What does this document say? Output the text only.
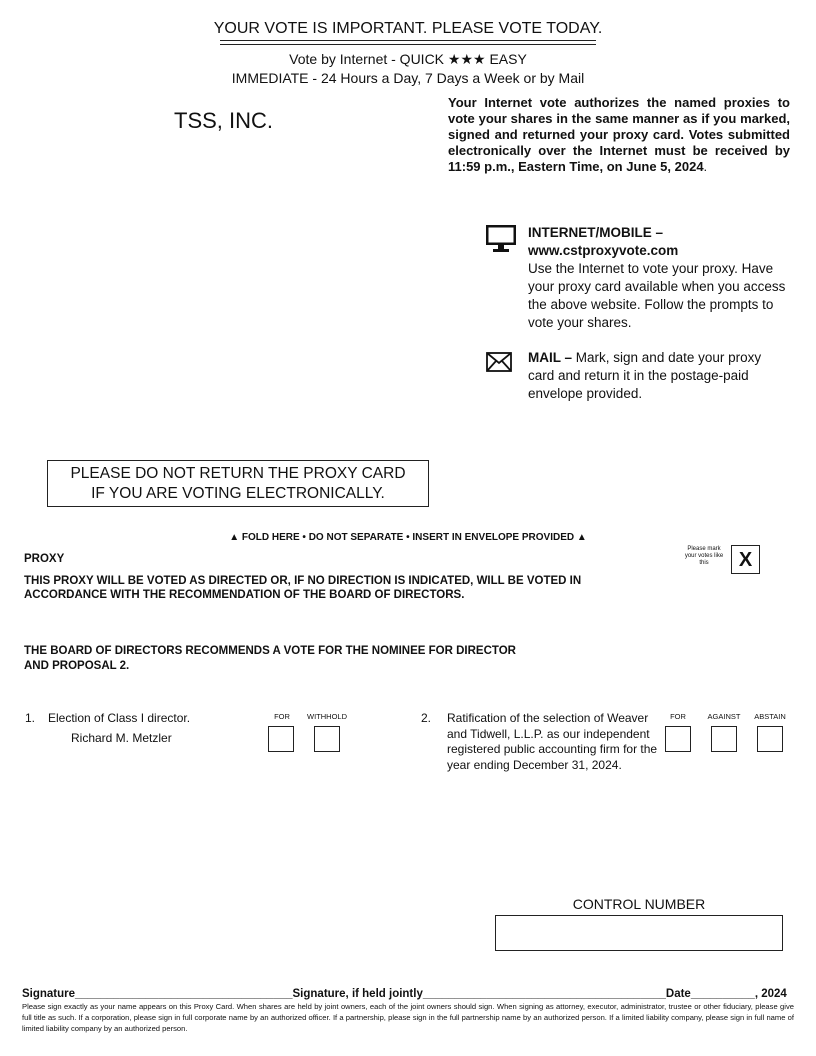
YOUR VOTE IS IMPORTANT. PLEASE VOTE TODAY.
Vote by Internet - QUICK ★★★ EASY
IMMEDIATE - 24 Hours a Day, 7 Days a Week or by Mail
TSS, INC.
Your Internet vote authorizes the named proxies to vote your shares in the same manner as if you marked, signed and returned your proxy card. Votes submitted electronically over the Internet must be received by 11:59 p.m., Eastern Time, on June 5, 2024.
INTERNET/MOBILE –
www.cstproxyvote.com
Use the Internet to vote your proxy. Have your proxy card available when you access the above website. Follow the prompts to vote your shares.
MAIL – Mark, sign and date your proxy card and return it in the postage-paid envelope provided.
PLEASE DO NOT RETURN THE PROXY CARD
IF YOU ARE VOTING ELECTRONICALLY.
▲ FOLD HERE • DO NOT SEPARATE • INSERT IN ENVELOPE PROVIDED ▲
PROXY
THIS PROXY WILL BE VOTED AS DIRECTED OR, IF NO DIRECTION IS INDICATED, WILL BE VOTED IN ACCORDANCE WITH THE RECOMMENDATION OF THE BOARD OF DIRECTORS.
Please mark your votes like this	X
THE BOARD OF DIRECTORS RECOMMENDS A VOTE FOR THE NOMINEE FOR DIRECTOR
AND PROPOSAL 2.
1. Election of Class I director.
Richard M. Metzler
FOR	WITHHOLD	2. Ratification of the selection of Weaver and Tidwell, L.L.P. as our independent registered public accounting firm for the year ending December 31, 2024.
FOR	AGAINST	ABSTAIN
CONTROL NUMBER
Signature__________________________________Signature, if held jointly______________________________________Date__________, 2024
Please sign exactly as your name appears on this Proxy Card. When shares are held by joint owners, each of the joint owners should sign. When signing as attorney, executor, administrator, trustee or other fiduciary, please give full title as such. If a corporation, please sign in full corporate name by an authorized officer. If a partnership, please sign in the full partnership name by an authorized person. If a limited liability company, please sign in full name of limited liability company by an authorized person.
